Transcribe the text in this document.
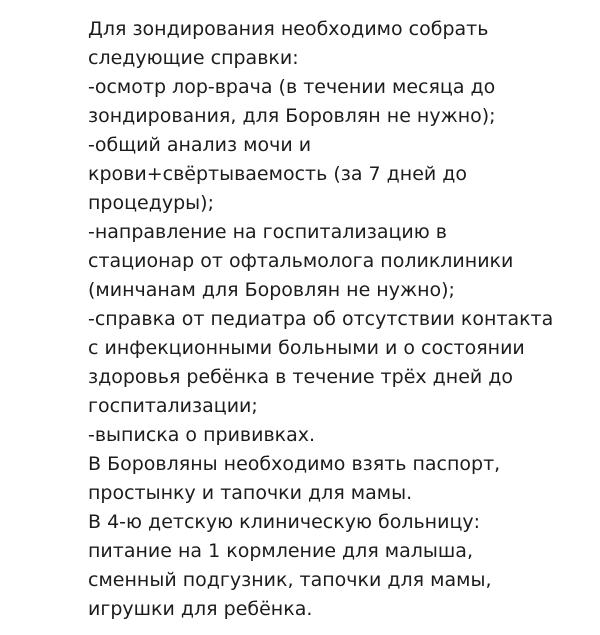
Для зондирования необходимо собрать
следующие справки:
-осмотр лор-врача (в течении месяца до
зондирования, для Боровлян не нужно);
-общий анализ мочи и
крови+свёртываемость (за 7 дней до
процедуры);
-направление на госпитализацию в
стационар от офтальмолога поликлиники
(минчанам для Боровлян не нужно);
-справка от педиатра об отсутствии контакта
с инфекционными больными и о состоянии
здоровья ребёнка в течение трёх дней до
госпитализации;
-выписка о прививках.
В Боровляны необходимо взять паспорт,
простынку и тапочки для мамы.
В 4-ю детскую клиническую больницу:
питание на 1 кормление для малыша,
сменный подгузник, тапочки для мамы,
игрушки для ребёнка.
